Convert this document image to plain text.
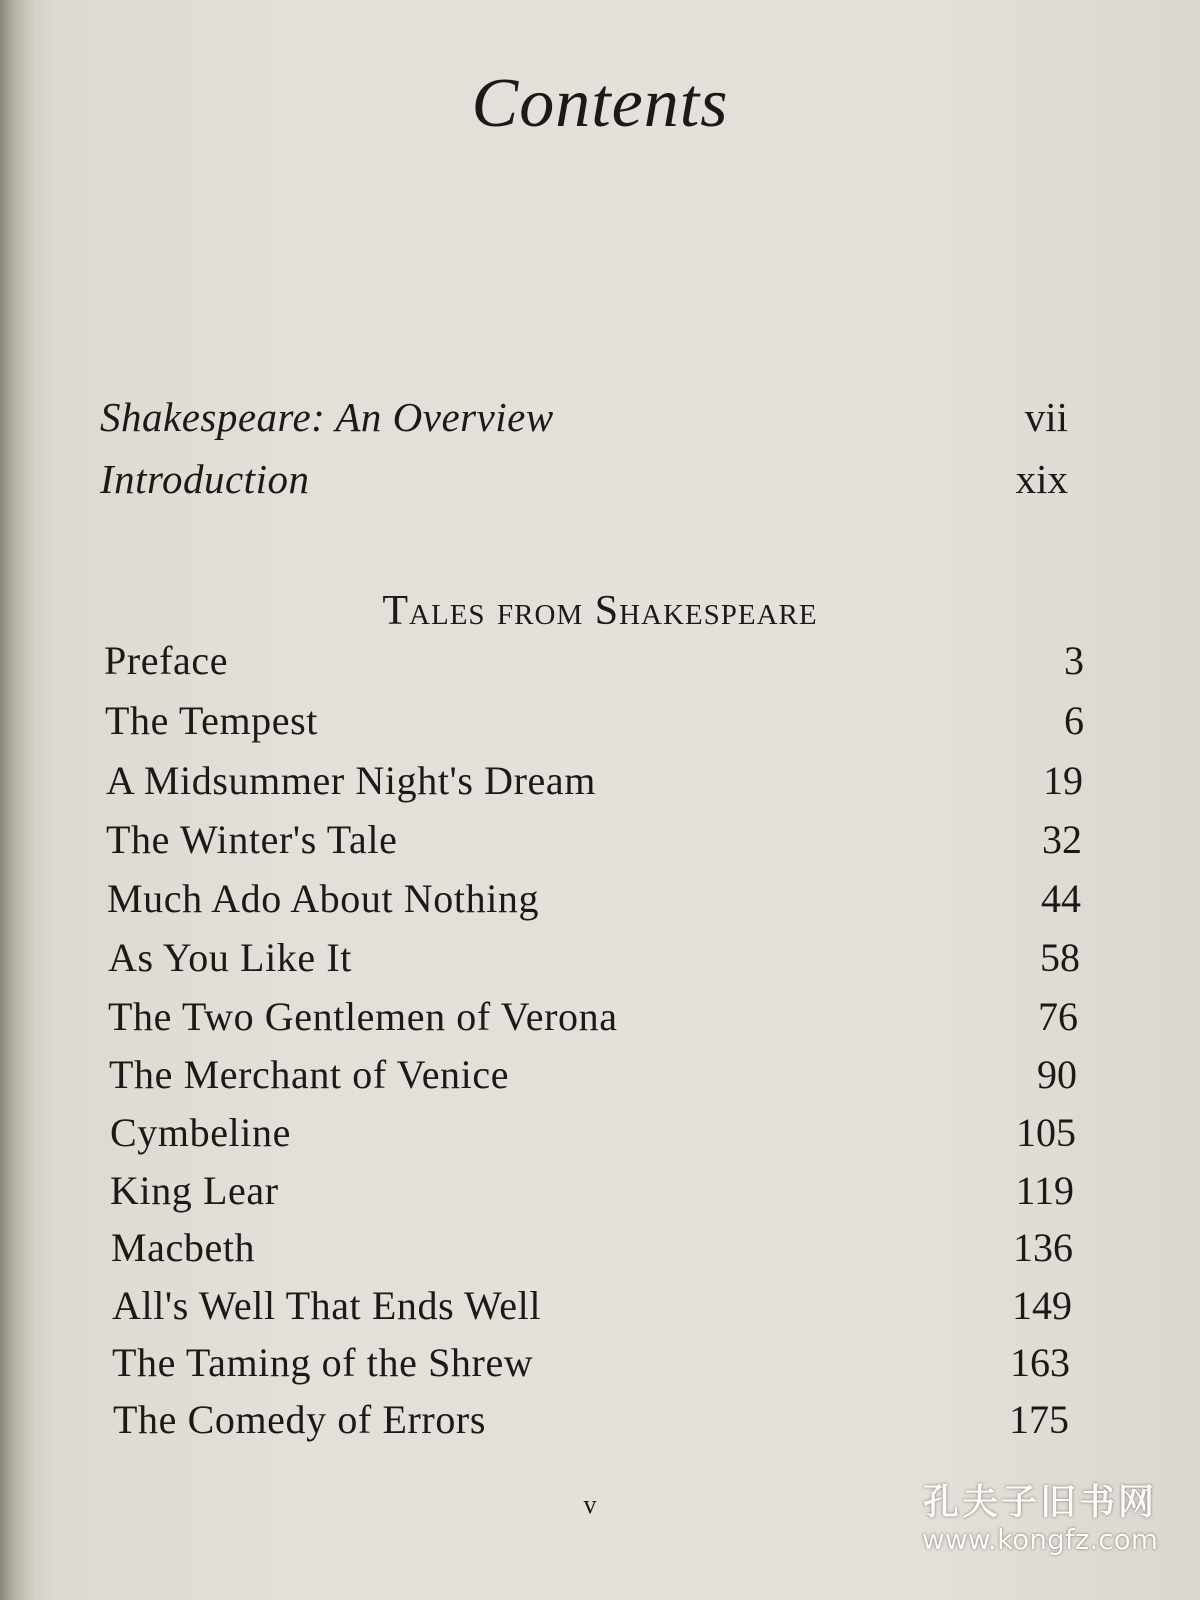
Contents
Shakespeare: An Overview	vii
Introduction	xix
Tales from Shakespeare
Preface	3
The Tempest	6
A Midsummer Night's Dream	19
The Winter's Tale	32
Much Ado About Nothing	44
As You Like It	58
The Two Gentlemen of Verona	76
The Merchant of Venice	90
Cymbeline	105
King Lear	119
Macbeth	136
All's Well That Ends Well	149
The Taming of the Shrew	163
The Comedy of Errors	175
v	孔夫子旧书网
www.kongfz.com
